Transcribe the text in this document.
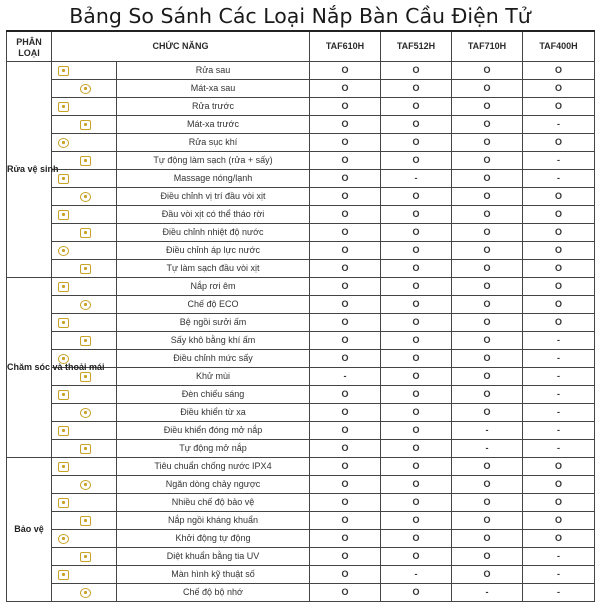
Bảng So Sánh Các Loại Nắp Bàn Cầu Điện Tử
PHÂN LOẠI	CHỨC NĂNG		TAF610H	TAF512H	TAF710H	TAF400H
Rửa vệ sinh		Rửa sau	O	O	O	O
		Mát-xa sau	O	O	O	O
		Rửa trước	O	O	O	O
		Mát-xa trước	O	O	O	-
		Rửa sục khí	O	O	O	O
		Tự động làm sạch (rửa + sấy)	O	O	O	-
		Massage nóng/lạnh	O	-	O	-
		Điều chỉnh vị trí đầu vòi xịt	O	O	O	O
		Đầu vòi xịt có thể tháo rời	O	O	O	O
		Điều chỉnh nhiệt độ nước	O	O	O	O
		Điều chỉnh áp lực nước	O	O	O	O
		Tự làm sạch đầu vòi xịt	O	O	O	O
Chăm sóc và thoải mái		Nắp rơi êm	O	O	O	O
		Chế độ ECO	O	O	O	O
		Bệ ngồi sưởi ấm	O	O	O	O
		Sấy khô bằng khí ấm	O	O	O	-
		Điều chỉnh mức sấy	O	O	O	-
		Khử mùi	-	O	O	-
		Đèn chiếu sáng	O	O	O	-
		Điều khiển từ xa	O	O	O	-
		Điều khiển đóng mở nắp	O	O	-	-
		Tự động mở nắp	O	O	-	-
Bảo vệ		Tiêu chuẩn chống nước IPX4	O	O	O	O
		Ngăn dòng chảy ngược	O	O	O	O
		Nhiều chế độ bảo vệ	O	O	O	O
		Nắp ngồi kháng khuẩn	O	O	O	O
		Khởi động tự động	O	O	O	O
		Diệt khuẩn bằng tia UV	O	O	O	-
		Màn hình kỹ thuật số	O	-	O	-
		Chế độ bộ nhớ	O	O	-	-
